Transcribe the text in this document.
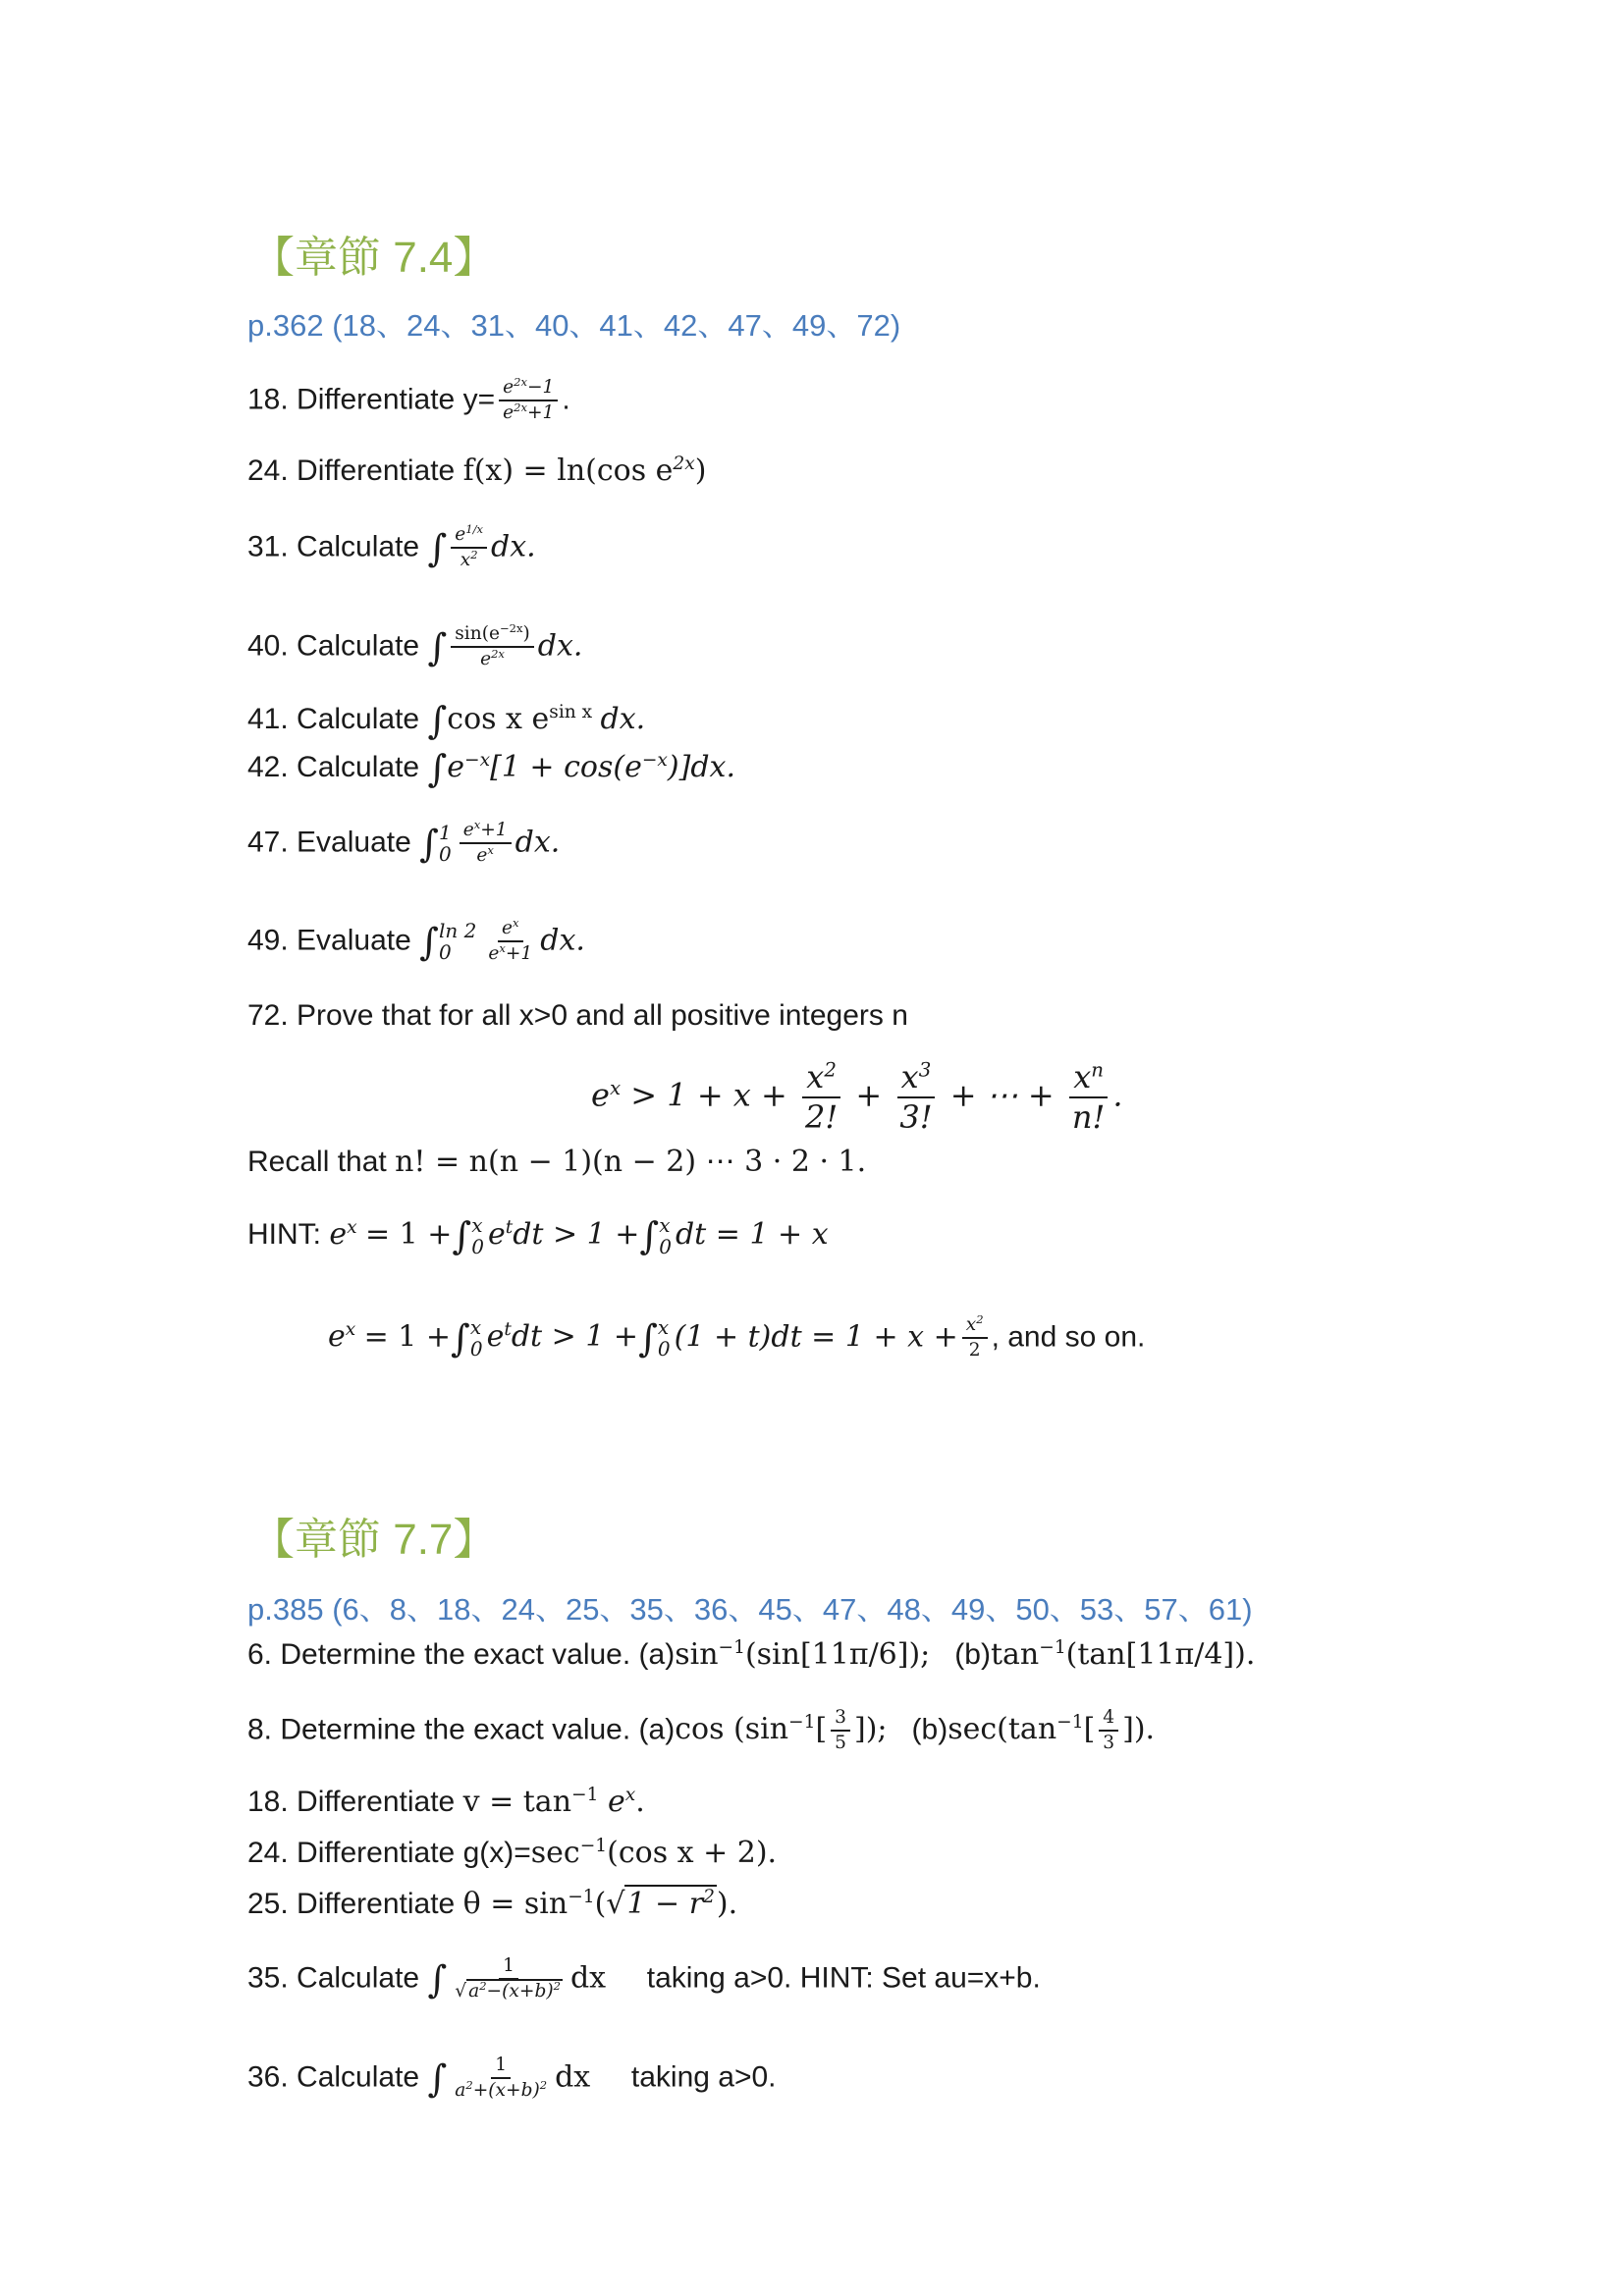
【章節 7.4】
p.362 (18、24、31、40、41、42、47、49、72)
18. Differentiate $y= \frac{e^{2x}-1}{e^{2x}+1}$ .
24. Differentiate f(x) = ln(cos $e^{2x}$)
31. Calculate ∫ $\frac{e^{1/x}}{x^2}$ dx.
40. Calculate ∫ $\frac{\sin(e^{-2x})}{e^{2x}}$ dx.
41. Calculate ∫cos x $e^{sin x}$ dx.
42. Calculate $\int e^{-x}[1 + \cos(e^{-x})]dx$.
47. Evaluate ∫ 1
$0 \frac{e^x+1}{e^x}$ dx.
49. Evaluate ∫ ln 2
0	$\frac{e^x}{e^x+1}$ dx.
72. Prove that for all x>0 and all positive integers n
$e^x > 1 + x + \frac{x^2}{2!} + \frac{x^3}{3!}$ + ⋯ + $\frac{x^n}{n!}$ .
Recall that n! = n(n − 1)(n − 2) ⋯ 3 · 2 · 1.
HINT: $e^x = 1$ +∫ x
0 $e^tdt > 1$ +∫ x
0 dt = 1 + x
$e^x = 1$ +∫ x
0 $e^tdt > 1$ +∫ x
0 $(1 + t)dt = 1 + x + \frac{x^2}{2}$ , and so on.
【章節 7.7】
p.385 (6、8、18、24、25、35、36、45、47、48、49、50、53、57、61)
6. Determine the exact value. $(a)\sin^{-1}(\sin[11\pi/6])$; $(b)\tan^{-1}(\tan[11\pi/4])$.
8. Determine the exact value. (a)cos ($\sin^{-1}[ \frac{3}{5}$ ]); $(b)\sec(\tan^{-1}[ \frac{4}{3}$ ]).
18. Differentiate $v = \tan^{-1} e^x$.
24. Differentiate $g(x)=\sec^{-1}(\cos$ x + 2).
25. Differentiate $\theta = \sin^{-1}(√1 - r^2)$.
35. Calculate ∫ $\frac{1}{√ a^2-(x+b)^2}$ dx taking a>0. HINT: Set au=x+b.
36. Calculate ∫ $\frac{1}{a^2+(x+b)^2}$ dx taking a>0.
